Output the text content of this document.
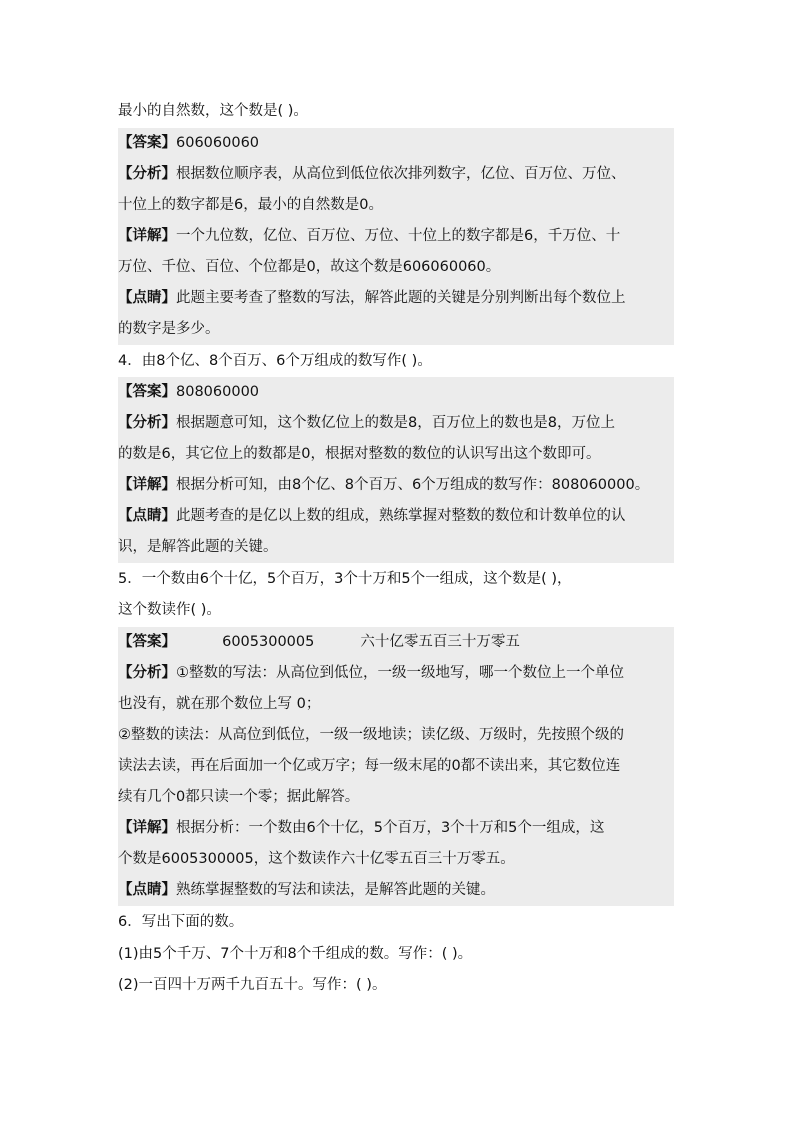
最小的自然数，这个数是( )。
【答案】606060060
【分析】根据数位顺序表，从高位到低位依次排列数字，亿位、百万位、万位、
十位上的数字都是6，最小的自然数是0。
【详解】一个九位数，亿位、百万位、万位、十位上的数字都是6，千万位、十
万位、千位、百位、个位都是0，故这个数是606060060。
【点睛】此题主要考查了整数的写法，解答此题的关键是分别判断出每个数位上
的数字是多少。
4．由8个亿、8个百万、6个万组成的数写作( )。
【答案】808060000
【分析】根据题意可知，这个数亿位上的数是8，百万位上的数也是8，万位上
的数是6，其它位上的数都是0，根据对整数的数位的认识写出这个数即可。
【详解】根据分析可知，由8个亿、8个百万、6个万组成的数写作：808060000。
【点睛】此题考查的是亿以上数的组成，熟练掌握对整数的数位和计数单位的认
识，是解答此题的关键。
5．一个数由6个十亿，5个百万，3个十万和5个一组成，这个数是( )，
这个数读作( )。
【答案】          6005300005          六十亿零五百三十万零五
【分析】①整数的写法：从高位到低位，一级一级地写，哪一个数位上一个单位
也没有，就在那个数位上写 0；
②整数的读法：从高位到低位，一级一级地读；读亿级、万级时，先按照个级的
读法去读，再在后面加一个亿或万字；每一级末尾的0都不读出来，其它数位连
续有几个0都只读一个零；据此解答。
【详解】根据分析：一个数由6个十亿，5个百万，3个十万和5个一组成，这
个数是6005300005，这个数读作六十亿零五百三十万零五。
【点睛】熟练掌握整数的写法和读法，是解答此题的关键。
6．写出下面的数。
(1)由5个千万、7个十万和8个千组成的数。写作：( )。
(2)一百四十万两千九百五十。写作：( )。
